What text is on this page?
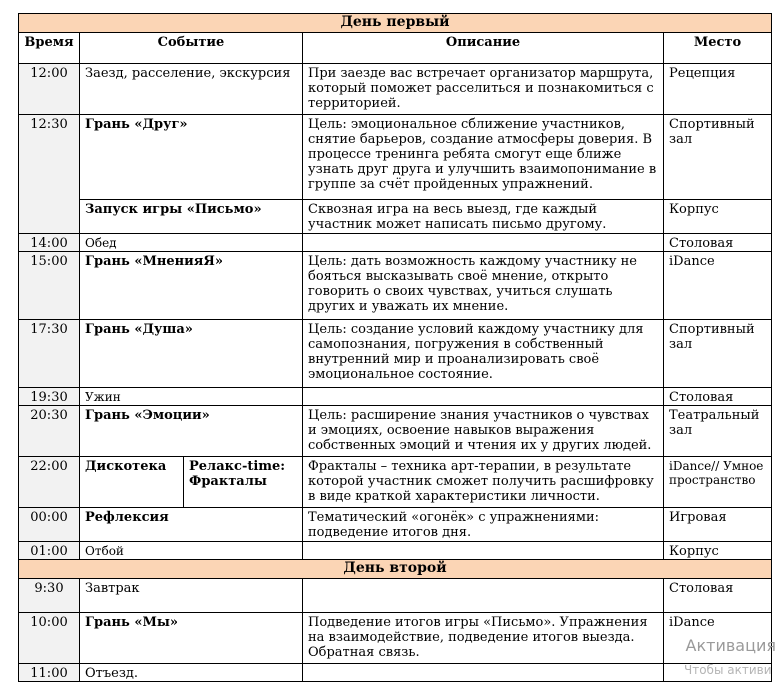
День первый				
Время	Событие		Описание	Место
12:00	Заезд, расселение, экскурсия		При заезде вас встречает организатор маршрута, который поможет расселиться и познакомиться с территорией.	Рецепция
12:30	Грань «Друг»		Цель: эмоциональное сближение участников, снятие барьеров, создание атмосферы доверия. В процессе тренинга ребята смогут еще ближе узнать друг друга и улучшить взаимопонимание в группе за счёт пройденных упражнений.	Спортивный зал
	Запуск игры «Письмо»		Сквозная игра на весь выезд, где каждый участник может написать письмо другому.	Корпус
14:00	Обед			Столовая
15:00	Грань «МненияЯ»		Цель: дать возможность каждому участнику не бояться высказывать своё мнение, открыто говорить о своих чувствах, учиться слушать других и уважать их мнение.	iDance
17:30	Грань «Душа»		Цель: создание условий каждому участнику для самопознания, погружения в собственный внутренний мир и проанализировать своё эмоциональное состояние.	Спортивный зал
19:30	Ужин			Столовая
20:30	Грань «Эмоции»		Цель: расширение знания участников о чувствах и эмоциях, освоение навыков выражения собственных эмоций и чтения их у других людей.	Театральный зал
22:00	Дискотека	Релакс-time: Фракталы	Фракталы – техника арт-терапии, в результате которой участник сможет получить расшифровку в виде краткой характеристики личности.	iDance// Умное пространство
00:00	Рефлексия		Тематический «огонёк» с упражнениями: подведение итогов дня.	Игровая
01:00	Отбой			Корпус
День второй				
9:30	Завтрак			Столовая
10:00	Грань «Мы»		Подведение итогов игры «Письмо». Упражнения на взаимодействие, подведение итогов выезда. Обратная связь.	iDance
11:00	Отъезд.			
Активация
Чтобы активи
